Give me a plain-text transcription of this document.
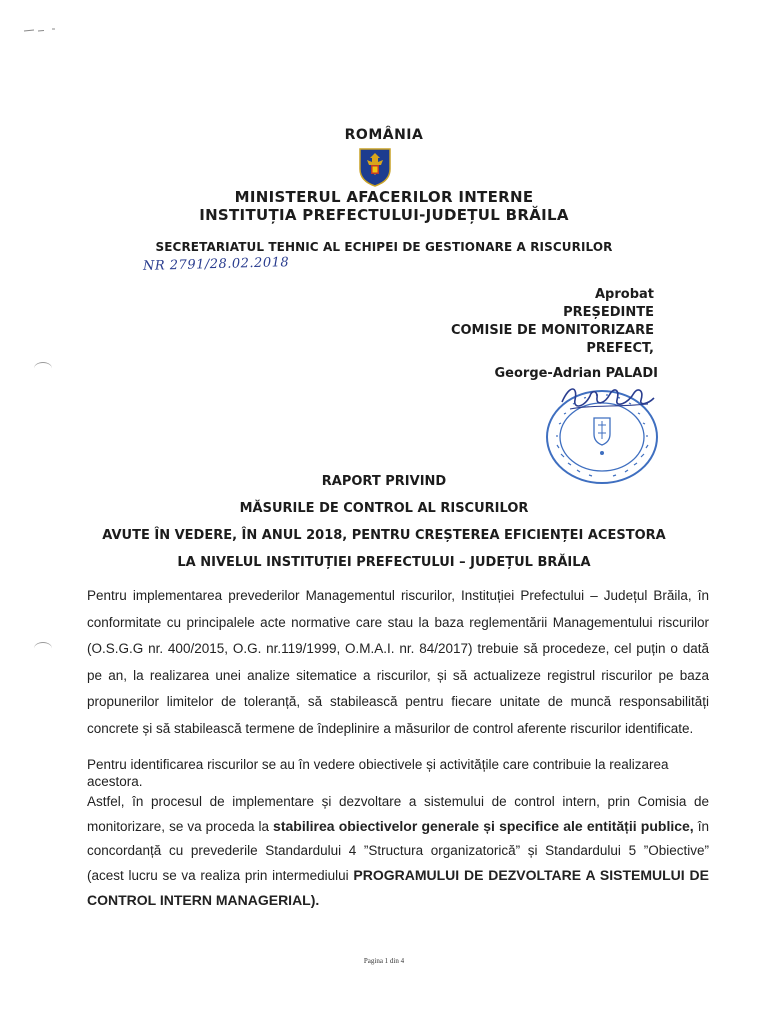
ROMÂNIA
MINISTERUL AFACERILOR INTERNE
INSTITUȚIA PREFECTULUI-JUDEȚUL BRĂILA
SECRETARIATUL TEHNIC AL ECHIPEI DE GESTIONARE A RISCURILOR
NR 2791/28.02.2018
Aprobat
PREȘEDINTE
COMISIE DE MONITORIZARE
PREFECT,
George-Adrian PALADI
RAPORT PRIVIND
MĂSURILE DE CONTROL AL RISCURILOR
AVUTE ÎN VEDERE, ÎN ANUL 2018, PENTRU CREȘTEREA EFICIENȚEI ACESTORA
LA NIVELUL INSTITUȚIEI PREFECTULUI – JUDEȚUL BRĂILA
Pentru implementarea prevederilor Managementul riscurilor, Instituției Prefectului – Județul Brăila, în conformitate cu principalele acte normative care stau la baza reglementării Managementului riscurilor (O.S.G.G nr. 400/2015, O.G. nr.119/1999, O.M.A.I. nr. 84/2017) trebuie să procedeze, cel puțin o dată pe an, la realizarea unei analize sitematice a riscurilor, și să actualizeze registrul riscurilor pe baza propunerilor limitelor de toleranță, să stabilească pentru fiecare unitate de muncă responsabilități concrete și să stabilească termene de îndeplinire a măsurilor de control aferente riscurilor identificate.
Pentru identificarea riscurilor se au în vedere obiectivele și activitățile care contribuie la realizarea acestora.
Astfel, în procesul de implementare și dezvoltare a sistemului de control intern, prin Comisia de monitorizare, se va proceda la stabilirea obiectivelor generale și specifice ale entității publice, în concordanță cu prevederile Standardului 4 ”Structura organizatorică” și Standardului 5 ”Obiective” (acest lucru se va realiza prin intermediului PROGRAMULUI DE DEZVOLTARE A SISTEMULUI DE CONTROL INTERN MANAGERIAL).
Pagina 1 din 4
